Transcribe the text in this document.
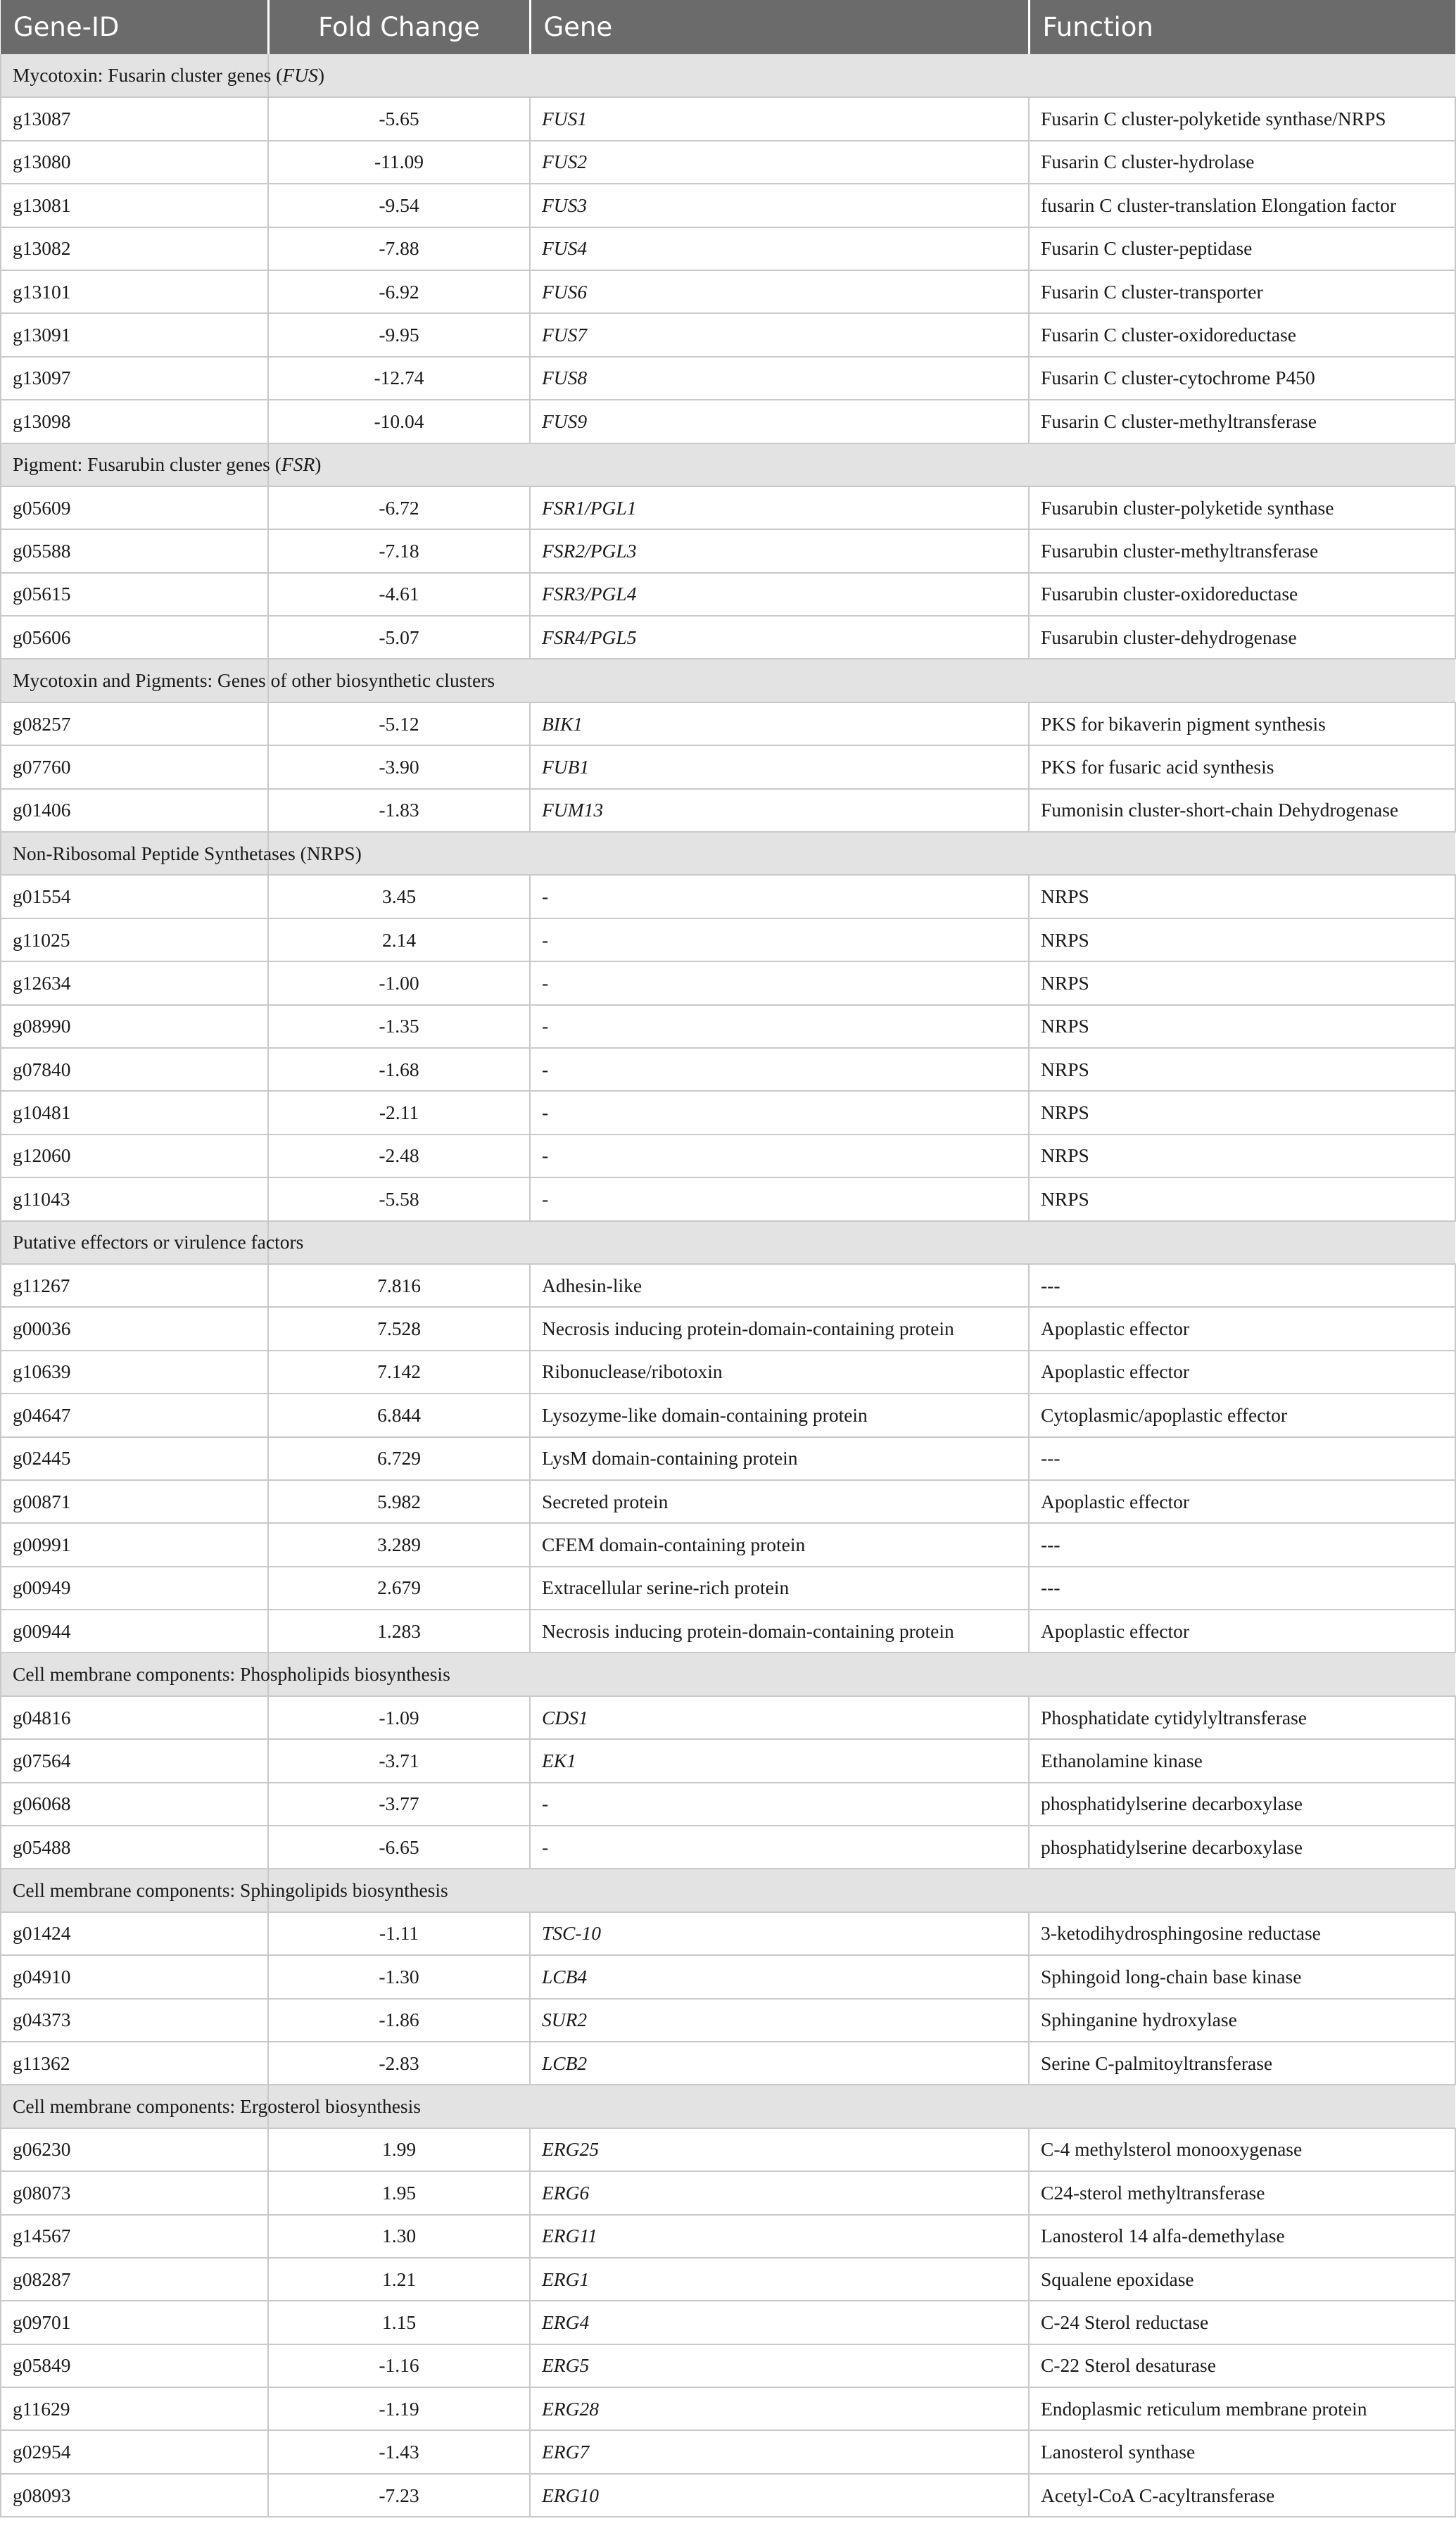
Gene-ID	Fold Change	Gene	Function
Mycotoxin: Fusarin cluster genes (FUS)			
g13087	-5.65	FUS1	Fusarin C cluster-polyketide synthase/NRPS
g13080	-11.09	FUS2	Fusarin C cluster-hydrolase
g13081	-9.54	FUS3	fusarin C cluster-translation Elongation factor
g13082	-7.88	FUS4	Fusarin C cluster-peptidase
g13101	-6.92	FUS6	Fusarin C cluster-transporter
g13091	-9.95	FUS7	Fusarin C cluster-oxidoreductase
g13097	-12.74	FUS8	Fusarin C cluster-cytochrome P450
g13098	-10.04	FUS9	Fusarin C cluster-methyltransferase
Pigment: Fusarubin cluster genes (FSR)			
g05609	-6.72	FSR1/PGL1	Fusarubin cluster-polyketide synthase
g05588	-7.18	FSR2/PGL3	Fusarubin cluster-methyltransferase
g05615	-4.61	FSR3/PGL4	Fusarubin cluster-oxidoreductase
g05606	-5.07	FSR4/PGL5	Fusarubin cluster-dehydrogenase
Mycotoxin and Pigments: Genes of other biosynthetic clusters			
g08257	-5.12	BIK1	PKS for bikaverin pigment synthesis
g07760	-3.90	FUB1	PKS for fusaric acid synthesis
g01406	-1.83	FUM13	Fumonisin cluster-short-chain Dehydrogenase
Non-Ribosomal Peptide Synthetases (NRPS)			
g01554	3.45	-	NRPS
g11025	2.14	-	NRPS
g12634	-1.00	-	NRPS
g08990	-1.35	-	NRPS
g07840	-1.68	-	NRPS
g10481	-2.11	-	NRPS
g12060	-2.48	-	NRPS
g11043	-5.58	-	NRPS
Putative effectors or virulence factors			
g11267	7.816	Adhesin-like	---
g00036	7.528	Necrosis inducing protein-domain-containing protein	Apoplastic effector
g10639	7.142	Ribonuclease/ribotoxin	Apoplastic effector
g04647	6.844	Lysozyme-like domain-containing protein	Cytoplasmic/apoplastic effector
g02445	6.729	LysM domain-containing protein	---
g00871	5.982	Secreted protein	Apoplastic effector
g00991	3.289	CFEM domain-containing protein	---
g00949	2.679	Extracellular serine-rich protein	---
g00944	1.283	Necrosis inducing protein-domain-containing protein	Apoplastic effector
Cell membrane components: Phospholipids biosynthesis			
g04816	-1.09	CDS1	Phosphatidate cytidylyltransferase
g07564	-3.71	EK1	Ethanolamine kinase
g06068	-3.77	-	phosphatidylserine decarboxylase
g05488	-6.65	-	phosphatidylserine decarboxylase
Cell membrane components: Sphingolipids biosynthesis			
g01424	-1.11	TSC-10	3-ketodihydrosphingosine reductase
g04910	-1.30	LCB4	Sphingoid long-chain base kinase
g04373	-1.86	SUR2	Sphinganine hydroxylase
g11362	-2.83	LCB2	Serine C-palmitoyltransferase
Cell membrane components: Ergosterol biosynthesis			
g06230	1.99	ERG25	C-4 methylsterol monooxygenase
g08073	1.95	ERG6	C24-sterol methyltransferase
g14567	1.30	ERG11	Lanosterol 14 alfa-demethylase
g08287	1.21	ERG1	Squalene epoxidase
g09701	1.15	ERG4	C-24 Sterol reductase
g05849	-1.16	ERG5	C-22 Sterol desaturase
g11629	-1.19	ERG28	Endoplasmic reticulum membrane protein
g02954	-1.43	ERG7	Lanosterol synthase
g08093	-7.23	ERG10	Acetyl-CoA C-acyltransferase
